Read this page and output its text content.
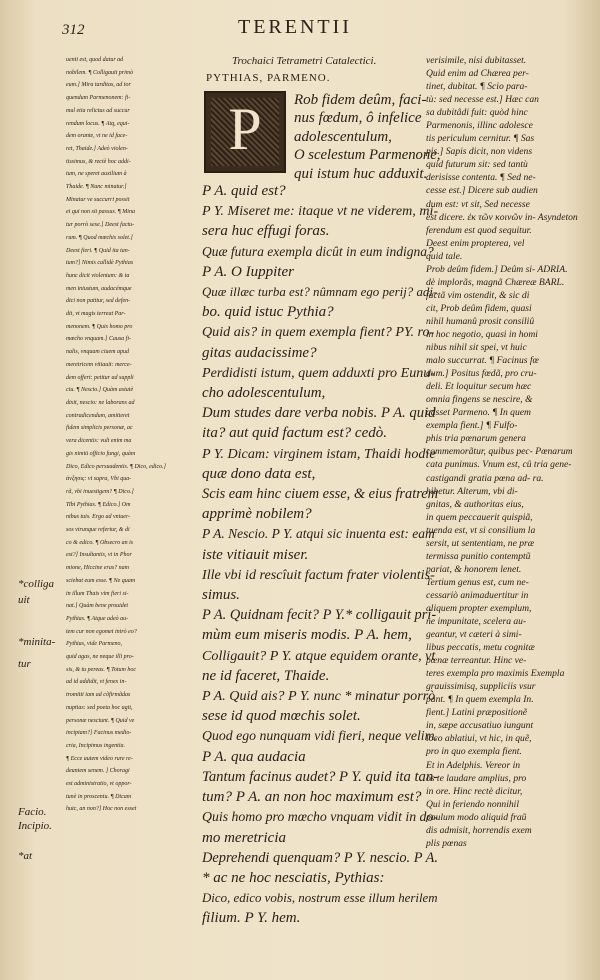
312	TERENTII
uenti est, quod datur ad
nobilem. ¶ Colligauit primò
eum.] Mira tarditas, ad tor
quendum Parmenonem: fi-
mul etia relictus ad succur
rendum locus. ¶ Atq, equi-
dem orante, vt ne id face-
ret, Thaide.] Adeò violen-
tissimus, & rectè hoc addi-
tum, ne speret auxilium à
Thaide. ¶ Nunc minatur.]
Minatur ve succurri possit
ei qui non sit passus. ¶ Mina
tur porrò sese.] Deest factu-
rum. ¶ Quod mœchis solet.]
Deest fieri. ¶ Quid ita tan-
tum?] Nimis callidè Pythias
hunc dicit violentum: & ta
men iniustum, audacémque
dici non patitur, sed defen-
dit, vt magis terreat Par-
menonem. ¶ Quis homo pro
mœcho vnquam.] Causa fi-
nalis, vnquam ciuem apud
meretricem vitiauit: merce-
dem offert: petitur ad suppli
ciu. ¶ Nescio.] Quàm astutè
dixit, nescio: ne laborans ad
contradicendum, amitteret
fidem simplicis personæ, ac
vera dicentis: vult enim ma
gis nimiū officio fungi, quàm
Dico, Edico persuadentis. ¶ Dico, edico.]
ἀνξησις: vt supra, Vbi qua-
rã, vbi inuestigem? ¶ Dico.]
Tibi Pythias. ¶ Edico.] Om
nibus tuis. Ergo ad vniuer-
sos vtrunque refertur, & di
co & edico. ¶ Obsecro an is
est?] Insultantis, vt in Phor
mione, Hiccine eras? nam
sciebat eum esse. ¶ Ne quam
in illum Thais vim fieri si-
nat.] Quàm bene prouidet
Pythias. ¶ Atque adeò au-
tem cur non egomet intrò eo?
Pythias, vide Parmeno,
quid agas, ne neque illi pro-
sis, & tu pereas. ¶ Totum hoc
ad id addidit, vt fenex in-
tromitti iam ad cõfirmãdas
nuptias: sed poeta hoc agit,
personæ nesciunt. ¶ Quid ve
incipiam?] Facinus medio-
cria, Incipimus ingentia.
¶ Ecce autem video rure re-
deuntem senem. ] Choragi
est administratio, vt oppor-
tunè in prosceniu. ¶ Dicam
huic, an non?] Hoc non esset
Trochaici Tetrametri Catalectici.
PYTHIAS, PARMENO.
P	Rob fidem deûm, faci-
nus fœdum, ô infelice
adolescentulum,
O scelestum Parmenone,
qui istum huc adduxit.
P A. quid est?
P Y. Miseret me: itaque vt ne viderem, mi-
sera huc effugi foras.
Quæ futura exempla dicût in eum indigna?
P A. O Iuppiter
Quæ illæc turba est? nûmnam ego perij? adi-
bo. quid istuc Pythia?
Quid ais? in quem exempla fient? PY. ro-
gitas audacissime?
Perdidisti istum, quem adduxti pro Eunu-
cho adolescentulum,
Dum studes dare verba nobis. P A. quid
ita? aut quid factum est? cedò.
P Y. Dicam: virginem istam, Thaidi hodie
quæ dono data est,
Scis eam hinc ciuem esse, & eius fratrem
apprimè nobilem?
P A. Nescio. P Y. atqui sic inuenta est: eam
iste vitiauit miser.
Ille vbi id rescîuit factum frater violentis-
simus.
P A. Quidnam fecit? P Y.* colligauit pri-
mùm eum miseris modis. P A. hem,
Colligauit? P Y. atque equidem orante, vt
ne id faceret, Thaide.
P A. Quid ais? P Y. nunc * minatur porrò
sese id quod mœchis solet.
Quod ego nunquam vidi fieri, neque velim.
P A. qua audacia
Tantum facinus audet? P Y. quid ita tan-
tum? P A. an non hoc maximum est?
Quis homo pro mœcho vnquam vidit in do-
mo meretricia
Deprehendi quenquam? P Y. nescio. P A.
* ac ne hoc nesciatis, Pythias:
Dico, edico vobis, nostrum esse illum herilem
filium. P Y. hem.
verisimile, nisi dubitasset.
Quid enim ad Chærea per-
tinet, dubitat. ¶ Scio para-
tù: sed necesse est.] Hæc can
sa dubitâdi fuit: quòd hinc
Parmenonis, illinc adolesce
tis periculum cernitur. ¶ Sas
pis.] Sapis dicit, non videns
quid futurum sit: sed tantù
derisisse contenta. ¶ Sed ne-
cesse est.] Dicere sub audien
dum est: vt sit, Sed necesse
est dicere. ἐκ τῶν κοινῶν in- Asyndeton
ferendum est quod sequitur.
Deest enim propterea, vel
quid tale.
Prob deûm fidem.] Deûm si- ADRIA.
dè implorãs, magnã Chæreæ BARL.
factã vim ostendit, & sic di
cit, Prob deûm fidem, quasi
nihil humanû prosit consiliû
in hoc negotio, quasi in homi
nibus nihil sit spei, vt huic
malo succurrat. ¶ Facinus fœ
dum.] Positus fœdã, pro cru-
deli. Et loquitur secum hæc
omnia fingens se nescire, &
adsset Parmeno. ¶ In quem
exempla fient.] ¶ Fulfo-
phis tria pœnarum genera
commemorãtur, quibus pec- Pœnarum
cata punimus. Vnum est, cû tria gene-
castigandi gratia pœna ad- ra.
hibetur. Alterum, vbi di-
gnitas, & authoritas eius,
in quem peccauerit quispiã,
tuenda est, vt si consilium la
sersit, ut sententiam, ne præ
termissa punitio contemptũ
pariat, & honorem lenet.
Tertium genus est, cum ne-
cessariò animaduertitur in
aliquem propter exemplum,
ne impunitate, scelera au-
geantur, vt cæteri à simi-
libus peccatis, metu cognitæ
pœnæ terreantur. Hinc ve-
teres exempla pro maximis Exempla
grauissimisq, suppliciis vsur
pant. ¶ In quem exempla In.
fient.] Latini præpositionẽ
in, sæpe accusatiuo iungunt
loco ablatiui, vt hic, in quẽ,
pro in quo exempla fient.
Et in Adelphis. Vereor in
os te laudare amplius, pro
in ore. Hinc rectè dicitur,
Qui in feriendo nonnihil
paulum modo aliquid fraũ
dis admisit, horrendis exem
plis pœnas
*colliga
uit
*minita-
tur
Facio.
Incipio.
*at
